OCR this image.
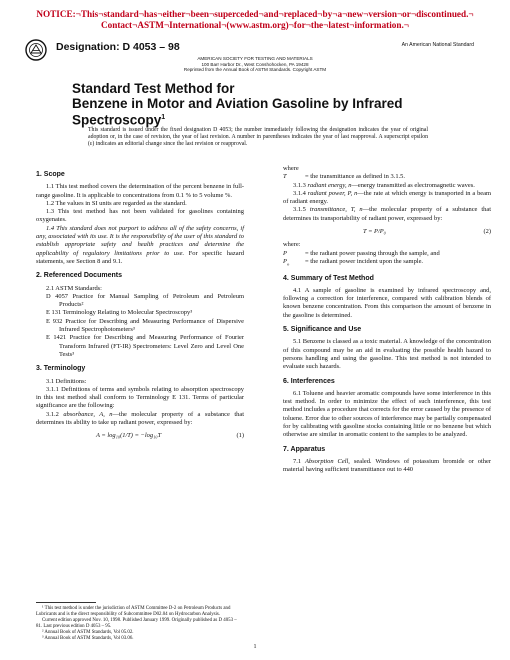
NOTICE:¬This¬standard¬has¬either¬been¬superceded¬and¬replaced¬by¬a¬new¬version¬or¬discontinued.¬
Contact¬ASTM¬International¬(www.astm.org)¬for¬the¬latest¬information.¬
Designation: D 4053 – 98	An American National Standard
AMERICAN SOCIETY FOR TESTING AND MATERIALS
100 Barr Harbor Dr., West Conshohocken, PA 19428
Reprinted from the Annual Book of ASTM Standards. Copyright ASTM
Standard Test Method for
Benzene in Motor and Aviation Gasoline by Infrared
Spectroscopy$^1$
This standard is issued under the fixed designation D 4053; the number immediately following the designation indicates the year of original adoption or, in the case of revision, the year of last revision. A number in parentheses indicates the year of last reapproval. A superscript epsilon (ε) indicates an editorial change since the last revision or reapproval.
1. Scope

1.1 This test method covers the determination of the percent benzene in full-range gasoline. It is applicable to concentrations from 0.1 % to 5 volume %.

1.2 The values in SI units are regarded as the standard.

1.3 This test method has not been validated for gasolines containing oxygenates.

1.4 This standard does not purport to address all of the safety concerns, if any, associated with its use. It is the responsibility of the user of this standard to establish appropriate safety and health practices and determine the applicability of regulatory limitations prior to use. For specific hazard statements, see Section 8 and 9.1.

2. Referenced Documents

2.1 ASTM Standards:

D 4057 Practice for Manual Sampling of Petroleum and Petroleum Products²

E 131 Terminology Relating to Molecular Spectroscopy³

E 932 Practice for Describing and Measuring Performance of Dispersive Infrared Spectrophotometers³

E 1421 Practice for Describing and Measuring Performance of Fourier Transform Infrared (FT-IR) Spectrometers: Level Zero and Level One Tests³

3. Terminology

3.1 Definitions:

3.1.1 Definitions of terms and symbols relating to absorption spectroscopy in this test method shall conform to Terminology E 131. Terms of particular significance are the following:

3.1.2 absorbance, A, n—the molecular property of a substance that determines its ability to take up radiant power, expressed by:

A = log₁₀(1/T) = −log₁₀T	(1)

where

T	= the transmittance as defined in 3.1.5.

3.1.3 radiant energy, n—energy transmitted as electromagnetic waves.

3.1.4 radiant power, P, n—the rate at which energy is transported in a beam of radiant energy.

3.1.5 transmittance, T, n—the molecular property of a substance that determines its transportability of radiant power, expressed by:

T = P/P₀	(2)

where:

P	= the radiant power passing through the sample, and
$P_o$	= the radiant power incident upon the sample.
4. Summary of Test Method

4.1 A sample of gasoline is examined by infrared spectroscopy and, following a correction for interference, compared with calibration blends of known benzene concentration. From this comparison the amount of benzene in the gasoline is determined.

5. Significance and Use

5.1 Benzene is classed as a toxic material. A knowledge of the concentration of this compound may be an aid in evaluating the possible health hazard to persons handling and using the gasoline. This test method is not intended to evaluate such hazards.

6. Interferences

6.1 Toluene and heavier aromatic compounds have some interference in this test method. In order to minimize the effect of such interference, this test method includes a procedure that corrects for the error caused by the presence of toluene. Error due to other sources of interference may be partially compensated for by calibrating with gasoline stocks containing little or no benzene but which otherwise are similar in aromatic content to the samples to be analyzed.

7. Apparatus

7.1 Absorption Cell, sealed. Windows of potassium bromide or other material having sufficient transmittance out to 440

¹ This test method is under the jurisdiction of ASTM Committee D-2 on Petroleum Products and Lubricants and is the direct responsibility of Subcommittee D02.04 on Hydrocarbon Analysis.

Current edition approved Nov. 10, 1998. Published January 1999. Originally published as D 4053 – 81. Last previous edition D 4053 – 95.

² Annual Book of ASTM Standards, Vol 05.02.

³ Annual Book of ASTM Standards, Vol 03.06.

1
